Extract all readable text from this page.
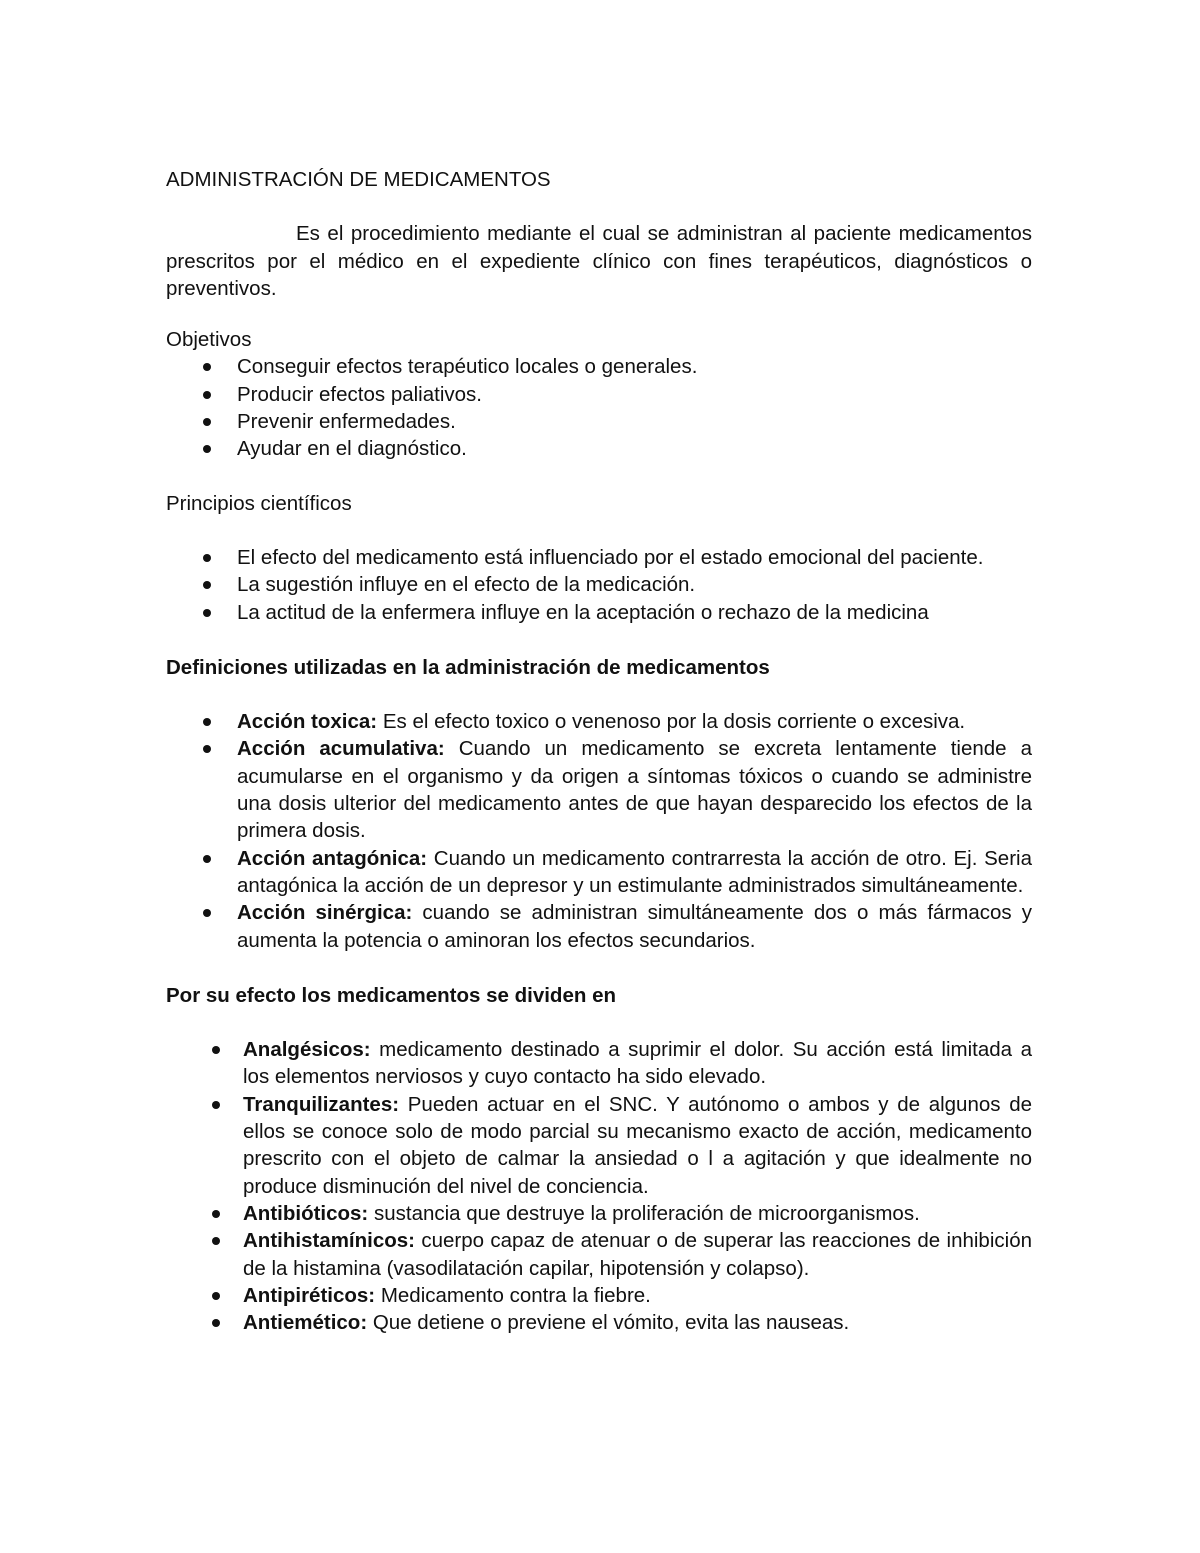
ADMINISTRACIÓN DE MEDICAMENTOS

Es el procedimiento mediante el cual se administran al paciente medicamentos prescritos por el médico en el expediente clínico con fines terapéuticos, diagnósticos o preventivos.

Objetivos

Conseguir efectos terapéutico locales o generales.
Producir efectos paliativos.
Prevenir enfermedades.
Ayudar en el diagnóstico.

Principios científicos

El efecto del medicamento está influenciado por el estado emocional del paciente.
La sugestión influye en el efecto de la medicación.
La actitud de la enfermera influye en la aceptación o rechazo de la medicina

Definiciones utilizadas en la administración de medicamentos

Acción toxica: Es el efecto toxico o venenoso por la dosis corriente o excesiva.
Acción acumulativa: Cuando un medicamento se excreta lentamente tiende a acumularse en el organismo y da origen a síntomas tóxicos o cuando se administre una dosis ulterior del medicamento antes de que hayan desparecido los efectos de la primera dosis.
Acción antagónica: Cuando un medicamento contrarresta la acción de otro. Ej. Seria antagónica la acción de un depresor y un estimulante administrados simultáneamente.
Acción sinérgica: cuando se administran simultáneamente dos o más fármacos y aumenta la potencia o aminoran los efectos secundarios.

Por su efecto los medicamentos se dividen en

Analgésicos: medicamento destinado a suprimir el dolor. Su acción está limitada a los elementos nerviosos y cuyo contacto ha sido elevado.
Tranquilizantes: Pueden actuar en el SNC. Y autónomo o ambos y de algunos de ellos se conoce solo de modo parcial su mecanismo exacto de acción, medicamento prescrito con el objeto de calmar la ansiedad o l a agitación y que idealmente no produce disminución del nivel de conciencia.
Antibióticos: sustancia que destruye la proliferación de microorganismos.
Antihistamínicos: cuerpo capaz de atenuar o de superar las reacciones de inhibición de la histamina (vasodilatación capilar, hipotensión y colapso).
Antipiréticos: Medicamento contra la fiebre.
Antiemético: Que detiene o previene el vómito, evita las nauseas.
